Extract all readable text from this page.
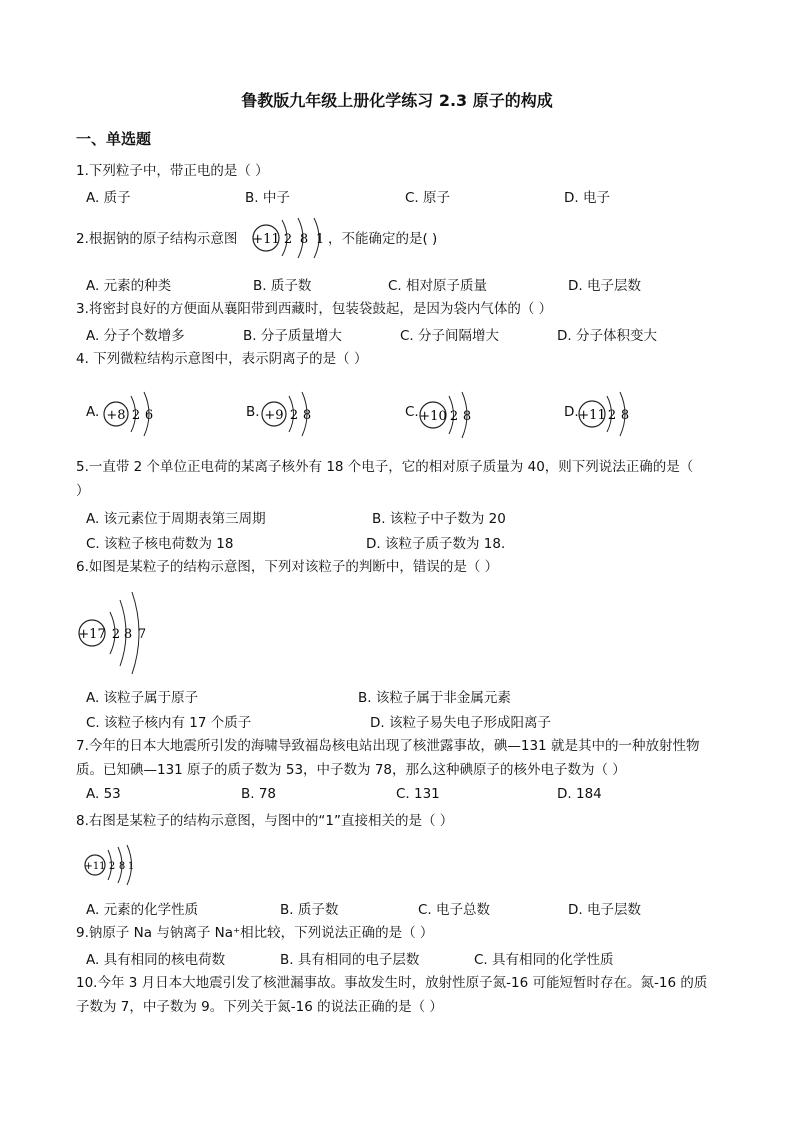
鲁教版九年级上册化学练习 2.3 原子的构成
一、单选题
1.下列粒子中，带正电的是（ ）
A. 质子	B. 中子	C. 原子	D. 电子
2.根据钠的原子结构示意图 +11 2 8 1 ，不能确定的是( )
A. 元素的种类	B. 质子数	C. 相对原子质量	D. 电子层数
3.将密封良好的方便面从襄阳带到西藏时，包装袋鼓起，是因为袋内气体的（ ）
A. 分子个数增多	B. 分子质量增大	C. 分子间隔增大	D. 分子体积变大
4. 下列微粒结构示意图中，表示阴离子的是（ ）
A. +8 2 6	B. +9 2 8	C. +10 2 8	D. +11 2 8
5.一直带 2 个单位正电荷的某离子核外有 18 个电子，它的相对原子质量为 40，则下列说法正确的是（
）
A. 该元素位于周期表第三周期	B. 该粒子中子数为 20
C. 该粒子核电荷数为 18	D. 该粒子质子数为 18．
6.如图是某粒子的结构示意图，下列对该粒子的判断中，错误的是（ ）
+17 2 8 7
A. 该粒子属于原子	B. 该粒子属于非金属元素
C. 该粒子核内有 17 个质子	D. 该粒子易失电子形成阳离子
7.今年的日本大地震所引发的海啸导致福岛核电站出现了核泄露事故，碘—131 就是其中的一种放射性物
质。已知碘—131 原子的质子数为 53，中子数为 78，那么这种碘原子的核外电子数为（ ）
A. 53	B. 78	C. 131	D. 184
8.右图是某粒子的结构示意图，与图中的“1”直接相关的是（ ）
+11 2 8 1
A. 元素的化学性质	B. 质子数	C. 电子总数	D. 电子层数
9.钠原子 Na 与钠离子 Na⁺相比较，下列说法正确的是（ ）
A. 具有相同的核电荷数	B. 具有相同的电子层数	C. 具有相同的化学性质
10.今年 3 月日本大地震引发了核泄漏事故。事故发生时，放射性原子氮-16 可能短暂时存在。氮-16 的质
子数为 7，中子数为 9。下列关于氮-16 的说法正确的是（ ）
